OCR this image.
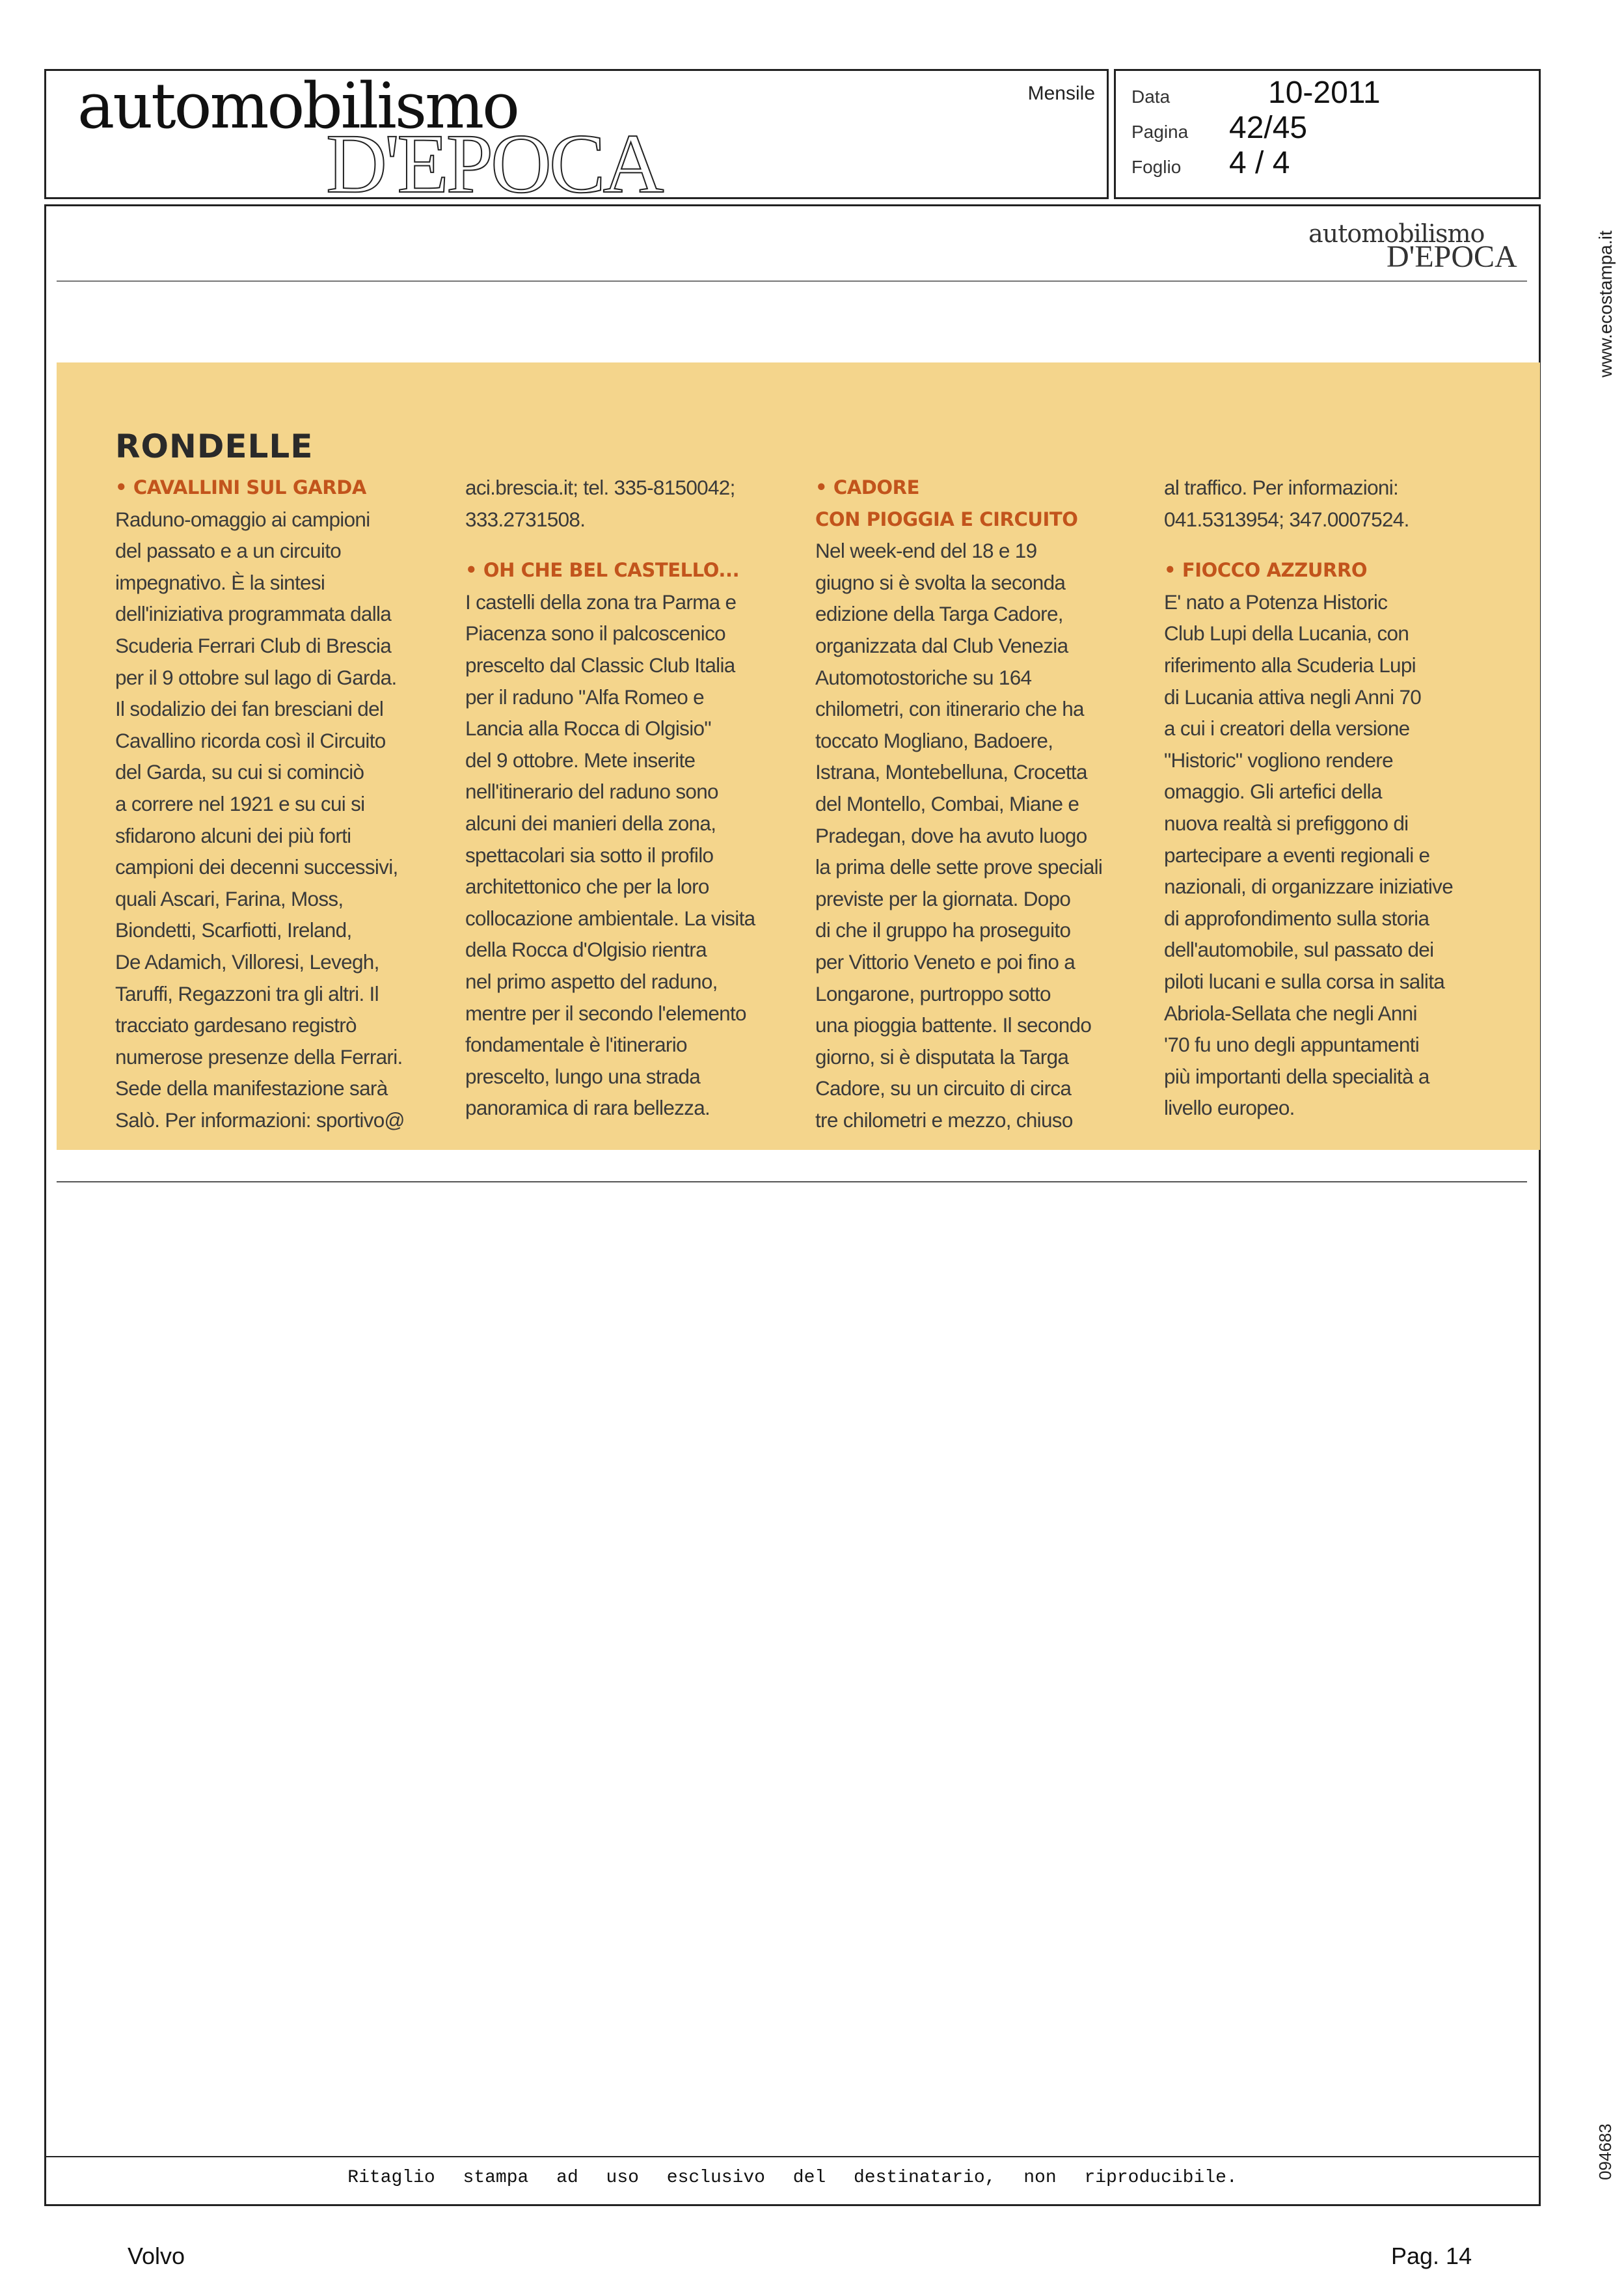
automobilismo
D'EPOCA
Mensile Data	10-2011
Pagina	42/45
Foglio	4 / 4
www.ecostampa.it
094683
automobilismo
D'EPOCA
RONDELLE
• CAVALLINI SUL GARDA
Raduno-omaggio ai campioni
del passato e a un circuito
impegnativo. È la sintesi
dell'iniziativa programmata dalla
Scuderia Ferrari Club di Brescia
per il 9 ottobre sul lago di Garda.
Il sodalizio dei fan bresciani del
Cavallino ricorda così il Circuito
del Garda, su cui si cominciò
a correre nel 1921 e su cui si
sfidarono alcuni dei più forti
campioni dei decenni successivi,
quali Ascari, Farina, Moss,
Biondetti, Scarfiotti, Ireland,
De Adamich, Villoresi, Levegh,
Taruffi, Regazzoni tra gli altri. Il
tracciato gardesano registrò
numerose presenze della Ferrari.
Sede della manifestazione sarà
Salò. Per informazioni: sportivo@
aci.brescia.it; tel. 335-8150042;
333.2731508.
• OH CHE BEL CASTELLO...
I castelli della zona tra Parma e
Piacenza sono il palcoscenico
prescelto dal Classic Club Italia
per il raduno "Alfa Romeo e
Lancia alla Rocca di Olgisio"
del 9 ottobre. Mete inserite
nell'itinerario del raduno sono
alcuni dei manieri della zona,
spettacolari sia sotto il profilo
architettonico che per la loro
collocazione ambientale. La visita
della Rocca d'Olgisio rientra
nel primo aspetto del raduno,
mentre per il secondo l'elemento
fondamentale è l'itinerario
prescelto, lungo una strada
panoramica di rara bellezza.
• CADORE
CON PIOGGIA E CIRCUITO
Nel week-end del 18 e 19
giugno si è svolta la seconda
edizione della Targa Cadore,
organizzata dal Club Venezia
Automotostoriche su 164
chilometri, con itinerario che ha
toccato Mogliano, Badoere,
Istrana, Montebelluna, Crocetta
del Montello, Combai, Miane e
Pradegan, dove ha avuto luogo
la prima delle sette prove speciali
previste per la giornata. Dopo
di che il gruppo ha proseguito
per Vittorio Veneto e poi fino a
Longarone, purtroppo sotto
una pioggia battente. Il secondo
giorno, si è disputata la Targa
Cadore, su un circuito di circa
tre chilometri e mezzo, chiuso
al traffico. Per informazioni:
041.5313954; 347.0007524.
• FIOCCO AZZURRO
E' nato a Potenza Historic
Club Lupi della Lucania, con
riferimento alla Scuderia Lupi
di Lucania attiva negli Anni 70
a cui i creatori della versione
"Historic" vogliono rendere
omaggio. Gli artefici della
nuova realtà si prefiggono di
partecipare a eventi regionali e
nazionali, di organizzare iniziative
di approfondimento sulla storia
dell'automobile, sul passato dei
piloti lucani e sulla corsa in salita
Abriola-Sellata che negli Anni
'70 fu uno degli appuntamenti
più importanti della specialità a
livello europeo.
Ritaglio stampa ad uso esclusivo del destinatario, non riproducibile.
Volvo	Pag. 14
